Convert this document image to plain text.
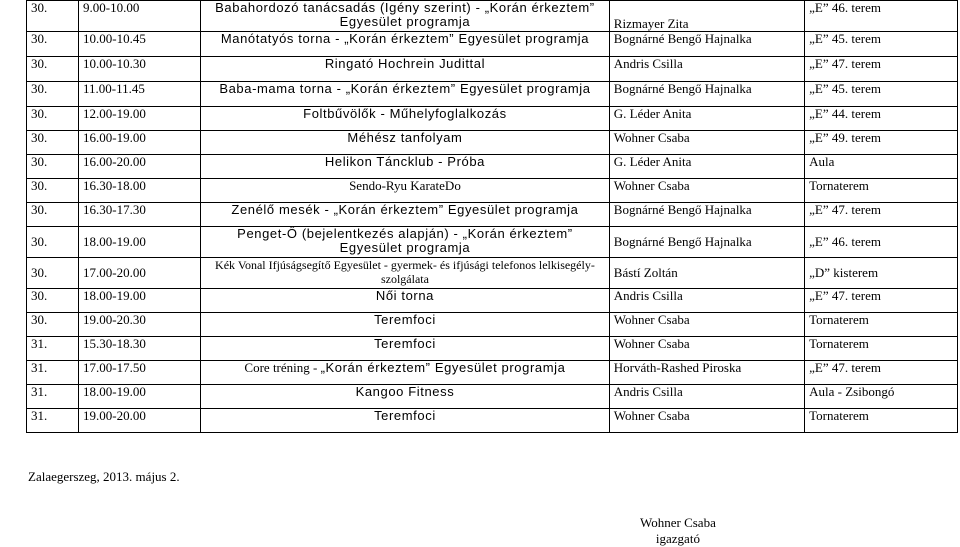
30.	9.00-10.00	Babahordozó tanácsadás (Igény szerint) - „Korán érkeztem” Egyesület programja	Rizmayer Zita	„E” 46. terem
30.	10.00-10.45	Manótatyós torna - „Korán érkeztem” Egyesület programja	Bognárné Bengő Hajnalka	„E” 45. terem
30.	10.00-10.30	Ringató Hochrein Judittal	Andris Csilla	„E” 47. terem
30.	11.00-11.45	Baba-mama torna - „Korán érkeztem” Egyesület programja	Bognárné Bengő Hajnalka	„E” 45. terem
30.	12.00-19.00	Foltbűvölők - Műhelyfoglalkozás	G. Léder Anita	„E” 44. terem
30.	16.00-19.00	Méhész tanfolyam	Wohner Csaba	„E” 49. terem
30.	16.00-20.00	Helikon Táncklub - Próba	G. Léder Anita	Aula
30.	16.30-18.00	Sendo-Ryu KarateDo	Wohner Csaba	Tornaterem
30.	16.30-17.30	Zenélő mesék - „Korán érkeztem” Egyesület programja	Bognárné Bengő Hajnalka	„E” 47. terem
30.	18.00-19.00	Penget-Ő (bejelentkezés alapján) - „Korán érkeztem” Egyesület programja	Bognárné Bengő Hajnalka	„E” 46. terem
30.	17.00-20.00	Kék Vonal Ifjúságsegítő Egyesület - gyermek- és ifjúsági telefonos lelkisegély-szolgálata	Bástí Zoltán	„D” kisterem
30.	18.00-19.00	Női torna	Andris Csilla	„E” 47. terem
30.	19.00-20.30	Teremfoci	Wohner Csaba	Tornaterem
31.	15.30-18.30	Teremfoci	Wohner Csaba	Tornaterem
31.	17.00-17.50	Core tréning - „Korán érkeztem” Egyesület programja	Horváth-Rashed Piroska	„E” 47. terem
31.	18.00-19.00	Kangoo Fitness	Andris Csilla	Aula - Zsibongó
31.	19.00-20.00	Teremfoci	Wohner Csaba	Tornaterem
Zalaegerszeg, 2013. május 2.
Wohner Csaba
igazgató
